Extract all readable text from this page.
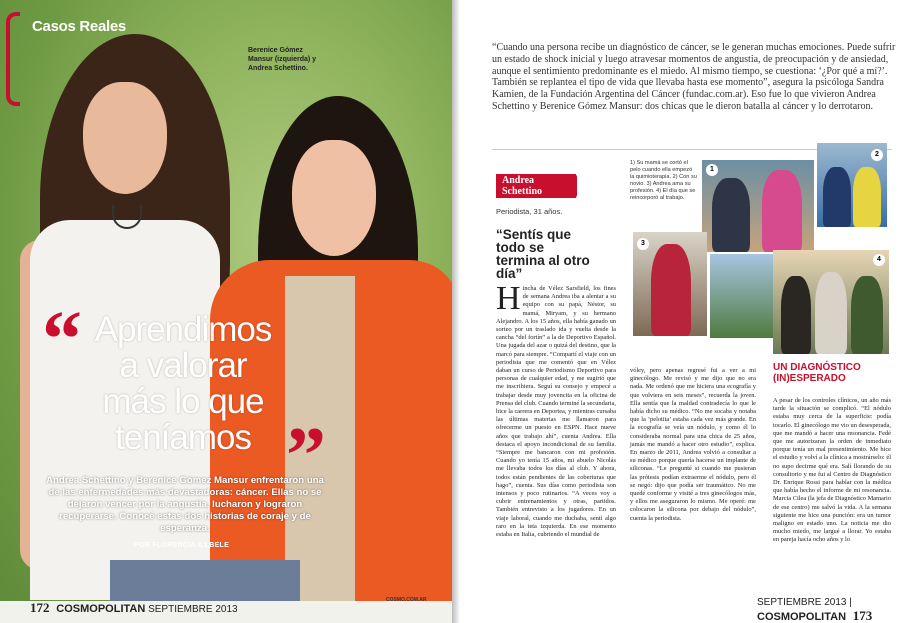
Casos Reales
Berenice Gómez Mansur (izquierda) y Andrea Schettino.
“ Aprendimos
a valorar
más lo que
teníamos ”
Andrea Schettino y Berenice Gómez Mansur enfrentaron una de las enfermedades más devastadoras: cáncer. Ellas no se dejaron vencer por la angustia, lucharon y lograron recuperarse. Conocé estas dos historias de coraje y de esperanza.
POR FLORENCIA ILLBELE
172 COSMOPOLITAN SEPTIEMBRE 2013
COSMO.COM.AR
“Cuando una persona recibe un diagnóstico de cáncer, se le generan muchas emociones. Puede sufrir un estado de shock inicial y luego atravesar momentos de angustia, de preocupación y de ansiedad, aunque el sentimiento predominante es el miedo. Al mismo tiempo, se cuestiona: ‘¿Por qué a mí?’. También se replantea el tipo de vida que llevaba hasta ese momento”, asegura la psicóloga Sandra Kamien, de la Fundación Argentina del Cáncer (fundac.com.ar). Eso fue lo que vivieron Andrea Schettino y Berenice Gómez Mansur: dos chicas que le dieron batalla al cáncer y lo derrotaron.
Andrea Schettino
Periodista, 31 años.
“Sentís que todo se termina al otro día”
1) Su mamá se cortó el pelo cuando ella empezó la quimioterapia. 2) Con su novio. 3) Andrea ama su profesión. 4) El día que se reincorporó al trabajo.
1
2
3
4
H incha de Vélez Sarsfield, los fines de semana Andrea iba a alentar a su equipo con su papá, Néstor, su mamá, Miryam, y su hermano Alejandro. A los 15 años, ella había ganado un sorteo por un traslado ida y vuelta desde la cancha “del fortín” a la de Deportivo Español. Una jugada del azar o quizá del destino, que la marcó para siempre. “Compartí el viaje con un periodista que me comentó que en Vélez daban un curso de Periodismo Deportivo para personas de cualquier edad, y me sugirió que me inscribiera. Seguí su consejo y empecé a trabajar desde muy jovencita en la oficina de Prensa del club. Cuando terminé la secundaria, hice la carrera en Deportea, y mientras cursaba las últimas materias me llamaron para ofrecerme un puesto en ESPN. Hace nueve años que trabajo ahí”, cuenta Andrea. Ella destaca el apoyo incondicional de su familia. “Siempre me bancaron con mi profesión. Cuando yo tenía 15 años, mi abuelo Nicolás me llevaba todos los días al club. Y ahora, todos están pendientes de las coberturas que hago”, cuenta. Sus días como periodista son intensos y poco rutinarios. “A veces voy a cubrir entrenamientos y otras, partidos. También entrevisto a los jugadores. En un viaje laboral, cuando me duchaba, sentí algo raro en la teta izquierda. En ese momento estaba en Italia, cubriendo el mundial de
vóley, pero apenas regresé fui a ver a mi ginecólogo. Me revisó y me dijo que no era nada. Me ordenó que me hiciera una ecografía y que volviera en seis meses”, recuerda la joven. Ella sentía que la maldad contradecía lo que le había dicho su médico. “No me socaba y notaba que la ‘pelotita’ estaba cada vez más grande. En la ecografía se veía un nódulo, y como él lo consideraba normal para una chica de 25 años, jamás me mandó a hacer otro estudio”, explica. En marzo de 2011, Andrea volvió a consultar a su médico porque quería hacerse un implante de siliconas. “Le pregunté si cuando me pusieran las prótesis podían extraerme el nódulo, pero él se negó: dijo que podía ser traumático. No me quedé conforme y visité a tres ginecólogos más, y ellos me aseguraron lo mismo. Me operé: me colocaron la silicona por debajo del nódulo”, cuenta la periodista.
UN DIAGNÓSTICO (IN)ESPERADO
A pesar de los controles clínicos, un año más tarde la situación se complicó. “El nódulo estaba muy cerca de la superficie: podía tocarlo. El ginecólogo me vio un desesperada, que me mandó a hacer una resonancia. Fedé que me autorizaran la orden de inmediato porque tenía un mal presentimiento. Me hice el estudio y volví a la clínica a mostrárselo: él no supo decirme qué era. Salí llorando de su consultorio y me fui al Centro de Diagnóstico Dr. Enrique Rossi para hablar con la médica que había hecho el informe de mi resonancia. Marcia Cilea (la jefa de Diagnóstico Mamario de ese centro) me salvó la vida. A la semana siguiente me hice una punción: era un tumor maligno en estado uno. La noticia me dio mucho miedo, me largué a llorar. Yo estaba en pareja hacía ocho años y lo
SEPTIEMBRE 2013 | COSMOPOLITAN 173
